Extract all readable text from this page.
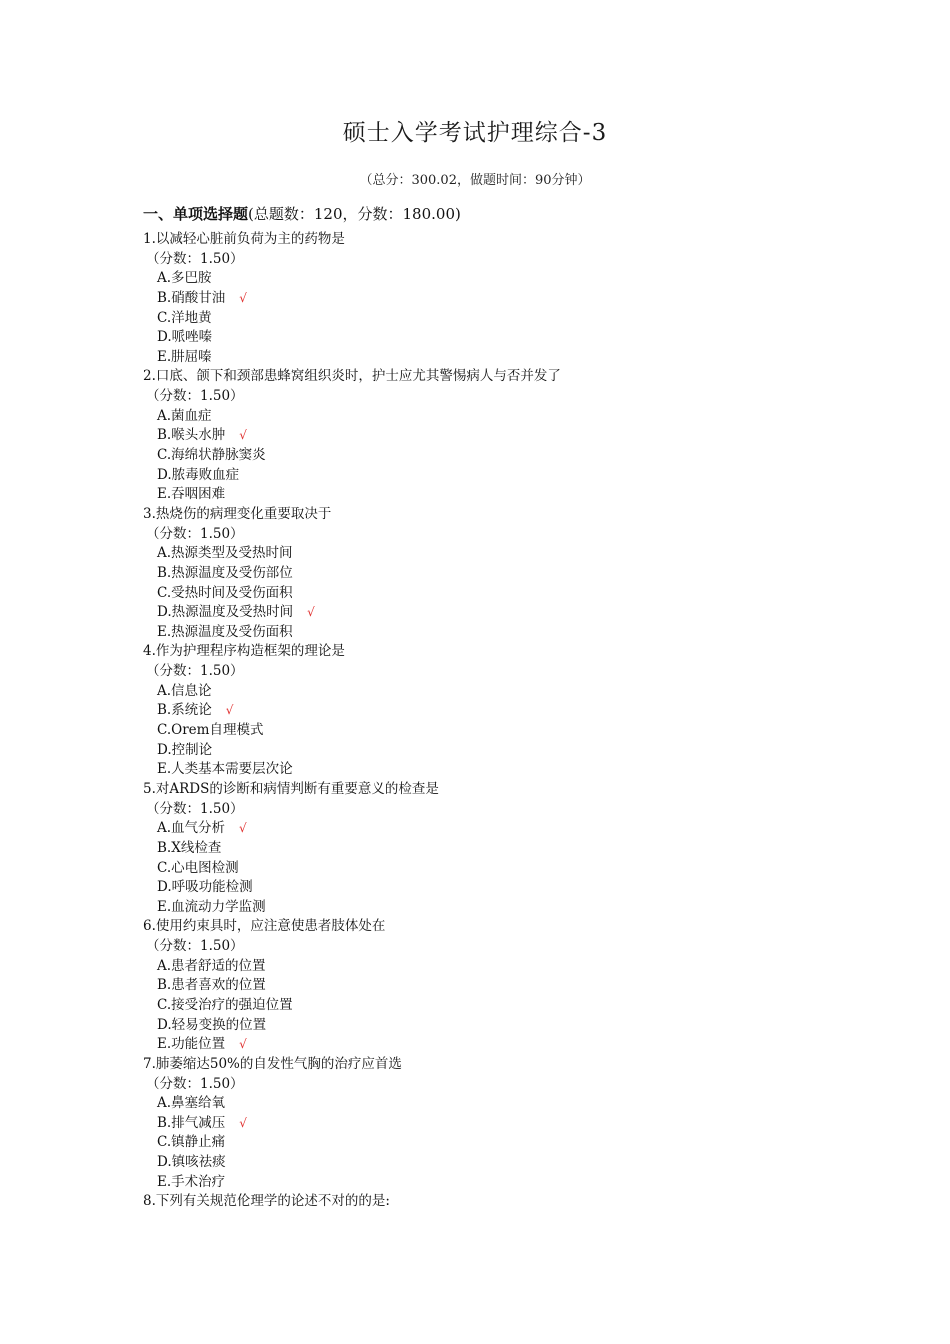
硕士入学考试护理综合-3
（总分：300.02，做题时间：90分钟）
一、单项选择题(总题数：120，分数：180.00)
1.以减轻心脏前负荷为主的药物是
（分数：1.50）
A.多巴胺
B.硝酸甘油 √
C.洋地黄
D.哌唑嗪
E.肼屈嗪
2.口底、颌下和颈部患蜂窝组织炎时，护士应尤其警惕病人与否并发了
（分数：1.50）
A.菌血症
B.喉头水肿 √
C.海绵状静脉窦炎
D.脓毒败血症
E.吞咽困难
3.热烧伤的病理变化重要取决于
（分数：1.50）
A.热源类型及受热时间
B.热源温度及受伤部位
C.受热时间及受伤面积
D.热源温度及受热时间 √
E.热源温度及受伤面积
4.作为护理程序构造框架的理论是
（分数：1.50）
A.信息论
B.系统论 √
C.Orem自理模式
D.控制论
E.人类基本需要层次论
5.对ARDS的诊断和病情判断有重要意义的检查是
（分数：1.50）
A.血气分析 √
B.X线检查
C.心电图检测
D.呼吸功能检测
E.血流动力学监测
6.使用约束具时，应注意使患者肢体处在
（分数：1.50）
A.患者舒适的位置
B.患者喜欢的位置
C.接受治疗的强迫位置
D.轻易变换的位置
E.功能位置 √
7.肺萎缩达50%的自发性气胸的治疗应首选
（分数：1.50）
A.鼻塞给氧
B.排气减压 √
C.镇静止痛
D.镇咳祛痰
E.手术治疗
8.下列有关规范伦理学的论述不对的的是:
